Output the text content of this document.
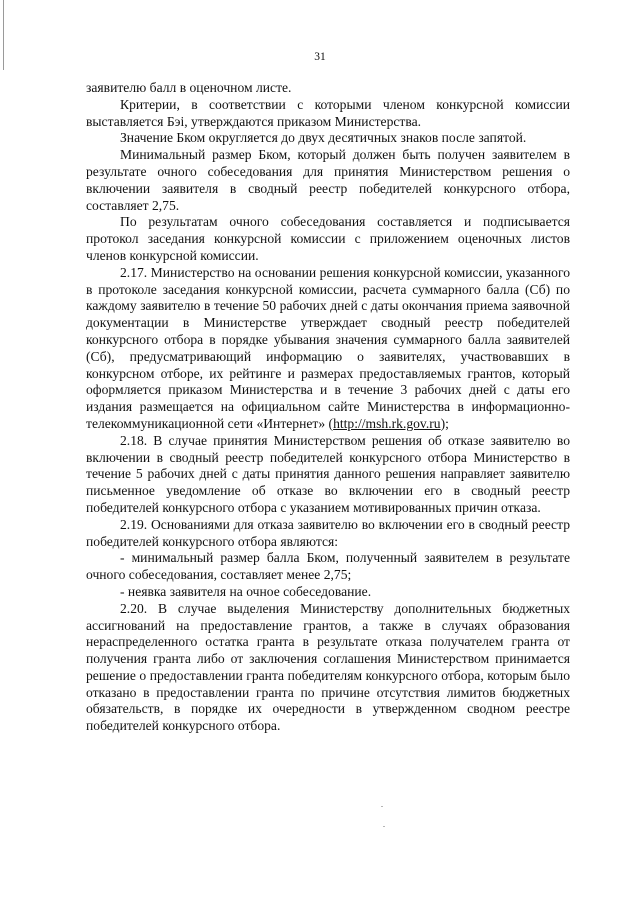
31

заявителю балл в оценочном листе.

Критерии, в соответствии с которыми членом конкурсной комиссии выставляется Бэі, утверждаются приказом Министерства.

Значение Бком округляется до двух десятичных знаков после запятой.

Минимальный размер Бком, который должен быть получен заявителем в результате очного собеседования для принятия Министерством решения о включении заявителя в сводный реестр победителей конкурсного отбора, составляет 2,75.

По результатам очного собеседования составляется и подписывается протокол заседания конкурсной комиссии с приложением оценочных листов членов конкурсной комиссии.

2.17. Министерство на основании решения конкурсной комиссии, указанного в протоколе заседания конкурсной комиссии, расчета суммарного балла (Сб) по каждому заявителю в течение 50 рабочих дней с даты окончания приема заявочной документации в Министерстве утверждает сводный реестр победителей конкурсного отбора в порядке убывания значения суммарного балла заявителей (Сб), предусматривающий информацию о заявителях, участвовавших в конкурсном отборе, их рейтинге и размерах предоставляемых грантов, который оформляется приказом Министерства и в течение 3 рабочих дней с даты его издания размещается на официальном сайте Министерства в информационно-телекоммуникационной сети «Интернет» (http://msh.rk.gov.ru);

2.18. В случае принятия Министерством решения об отказе заявителю во включении в сводный реестр победителей конкурсного отбора Министерство в течение 5 рабочих дней с даты принятия данного решения направляет заявителю письменное уведомление об отказе во включении его в сводный реестр победителей конкурсного отбора с указанием мотивированных причин отказа.

2.19. Основаниями для отказа заявителю во включении его в сводный реестр победителей конкурсного отбора являются:

- минимальный размер балла Бком, полученный заявителем в результате очного собеседования, составляет менее 2,75;

- неявка заявителя на очное собеседование.

2.20. В случае выделения Министерству дополнительных бюджетных ассигнований на предоставление грантов, а также в случаях образования нераспределенного остатка гранта в результате отказа получателем гранта от получения гранта либо от заключения соглашения Министерством принимается решение о предоставлении гранта победителям конкурсного отбора, которым было отказано в предоставлении гранта по причине отсутствия лимитов бюджетных обязательств, в порядке их очередности в утвержденном сводном реестре победителей конкурсного отбора.
